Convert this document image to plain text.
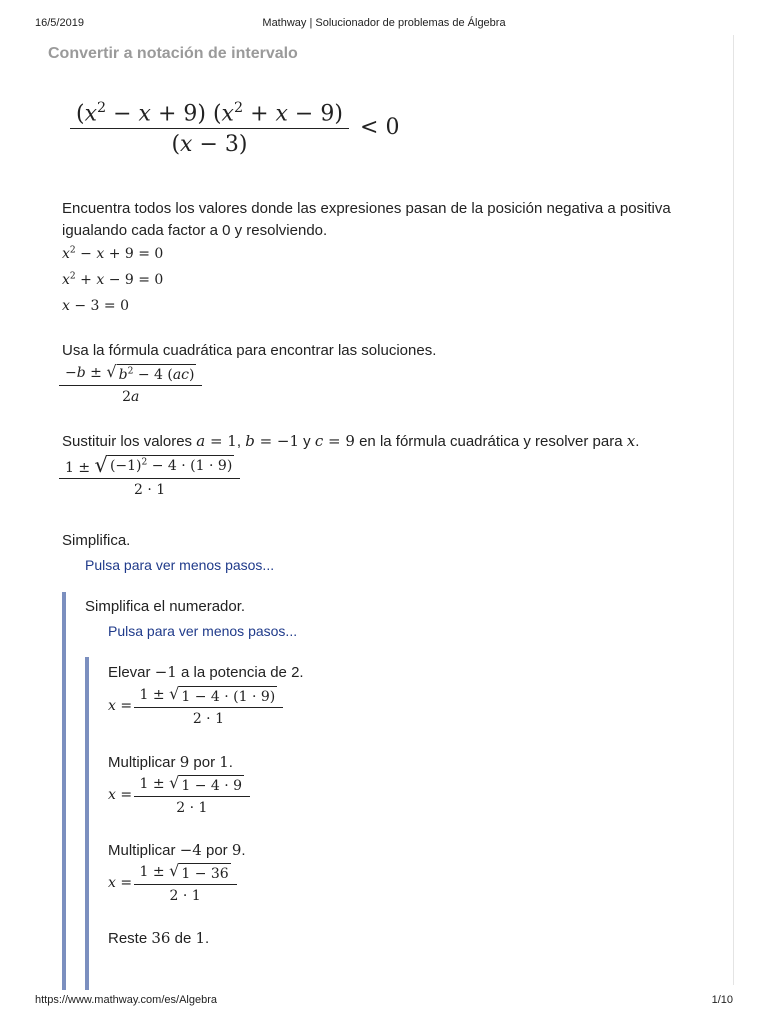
16/5/2019	Mathway | Solucionador de problemas de Álgebra
Convertir a notación de intervalo
$\frac{(x^2 - x + 9) (x^2 + x - 9)}{(x - 3)} < 0$
Encuentra todos los valores donde las expresiones pasan de la posición negativa a positiva igualando cada factor a 0 y resolviendo.
$x^2 - x + 9 = 0$
$x^2 + x - 9 = 0$
x − 3 = 0
Usa la fórmula cuadrática para encontrar las soluciones.
$\frac{-b \pm √ b^2 - 4 (ac)}{2a}$
Sustituir los valores a = 1, b = −1 y c = 9 en la fórmula cuadrática y resolver para x.
$\frac{1 \pm √ (-1)^2 - 4 \cdot (1 \cdot 9)}{2 \cdot 1}$
Simplifica.
Pulsa para ver menos pasos...
Simplifica el numerador.
Pulsa para ver menos pasos...
Elevar −1 a la potencia de 2.
$x = \frac{1 \pm √ 1 - 4 \cdot (1 \cdot 9)}{2 \cdot 1}$
Multiplicar 9 por 1.
$x = \frac{1 \pm √ 1 - 4 \cdot 9}{2 \cdot 1}$
Multiplicar −4 por 9.
$x = \frac{1 \pm √ 1 - 36}{2 \cdot 1}$
Reste 36 de 1.
https://www.mathway.com/es/Algebra	1/10
